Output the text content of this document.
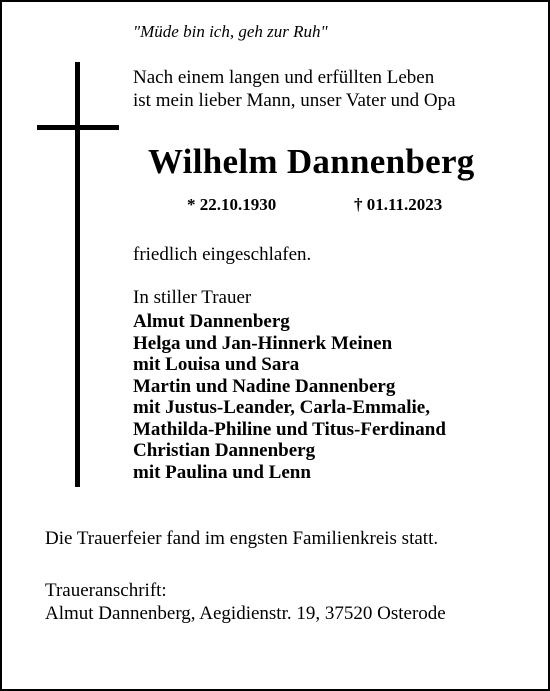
"Müde bin ich, geh zur Ruh"
Nach einem langen und erfüllten Leben
ist mein lieber Mann, unser Vater und Opa
Wilhelm Dannenberg
* 22.10.1930	† 01.11.2023
friedlich eingeschlafen.
In stiller Trauer
Almut Dannenberg
Helga und Jan-Hinnerk Meinen
mit Louisa und Sara
Martin und Nadine Dannenberg
mit Justus-Leander, Carla-Emmalie,
Mathilda-Philine und Titus-Ferdinand
Christian Dannenberg
mit Paulina und Lenn
Die Trauerfeier fand im engsten Familienkreis statt.
Traueranschrift:
Almut Dannenberg, Aegidienstr. 19, 37520 Osterode
